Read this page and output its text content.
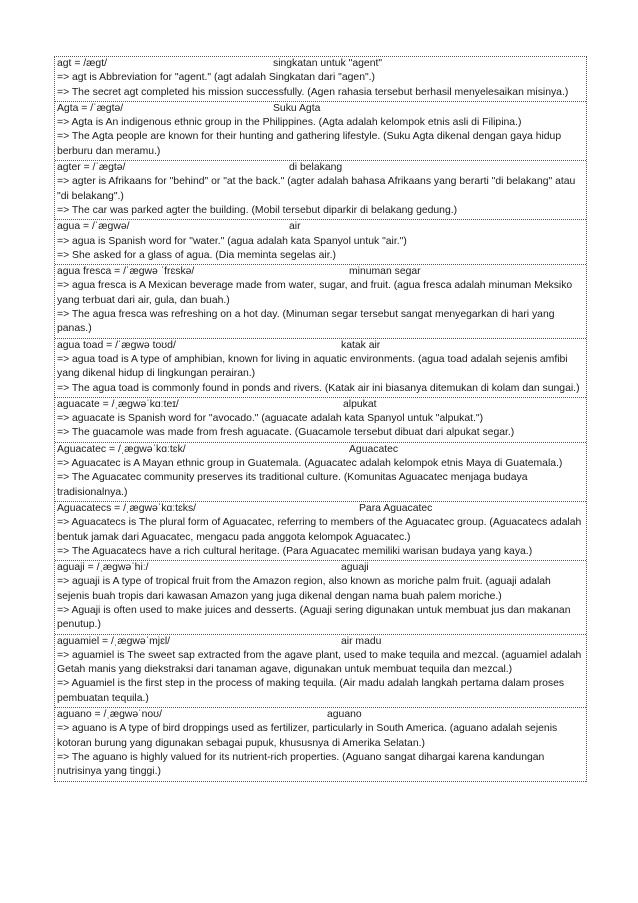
agt = /ægt/	singkatan untuk "agent"
=> agt is Abbreviation for "agent." (agt adalah Singkatan dari "agen".)
=> The secret agt completed his mission successfully. (Agen rahasia tersebut berhasil menyelesaikan misinya.)
Agta = /ˈægtə/	Suku Agta
=> Agta is An indigenous ethnic group in the Philippines. (Agta adalah kelompok etnis asli di Filipina.)
=> The Agta people are known for their hunting and gathering lifestyle. (Suku Agta dikenal dengan gaya hidup berburu dan meramu.)
agter = /ˈægtə/	di belakang
=> agter is Afrikaans for "behind" or "at the back." (agter adalah bahasa Afrikaans yang berarti "di belakang" atau "di belakang".)
=> The car was parked agter the building. (Mobil tersebut diparkir di belakang gedung.)
agua = /ˈægwə/	air
=> agua is Spanish word for "water." (agua adalah kata Spanyol untuk "air.")
=> She asked for a glass of agua. (Dia meminta segelas air.)
agua fresca = /ˈægwə ˈfrɛskə/	minuman segar
=> agua fresca is A Mexican beverage made from water, sugar, and fruit. (agua fresca adalah minuman Meksiko yang terbuat dari air, gula, dan buah.)
=> The agua fresca was refreshing on a hot day. (Minuman segar tersebut sangat menyegarkan di hari yang panas.)
agua toad = /ˈægwə toʊd/	katak air
=> agua toad is A type of amphibian, known for living in aquatic environments. (agua toad adalah sejenis amfibi yang dikenal hidup di lingkungan perairan.)
=> The agua toad is commonly found in ponds and rivers. (Katak air ini biasanya ditemukan di kolam dan sungai.)
aguacate = /ˌægwəˈkɑːteɪ/	alpukat
=> aguacate is Spanish word for "avocado." (aguacate adalah kata Spanyol untuk "alpukat.")
=> The guacamole was made from fresh aguacate. (Guacamole tersebut dibuat dari alpukat segar.)
Aguacatec = /ˌægwəˈkɑːtɛk/	Aguacatec
=> Aguacatec is A Mayan ethnic group in Guatemala. (Aguacatec adalah kelompok etnis Maya di Guatemala.)
=> The Aguacatec community preserves its traditional culture. (Komunitas Aguacatec menjaga budaya tradisionalnya.)
Aguacatecs = /ˌægwəˈkɑːtɛks/	Para Aguacatec
=> Aguacatecs is The plural form of Aguacatec, referring to members of the Aguacatec group. (Aguacatecs adalah bentuk jamak dari Aguacatec, mengacu pada anggota kelompok Aguacatec.)
=> The Aguacatecs have a rich cultural heritage. (Para Aguacatec memiliki warisan budaya yang kaya.)
aguaji = /ˌægwəˈhiː/	aguaji
=> aguaji is A type of tropical fruit from the Amazon region, also known as moriche palm fruit. (aguaji adalah sejenis buah tropis dari kawasan Amazon yang juga dikenal dengan nama buah palem moriche.)
=> Aguaji is often used to make juices and desserts. (Aguaji sering digunakan untuk membuat jus dan makanan penutup.)
aguamiel = /ˌægwəˈmjɛl/	air madu
=> aguamiel is The sweet sap extracted from the agave plant, used to make tequila and mezcal. (aguamiel adalah Getah manis yang diekstraksi dari tanaman agave, digunakan untuk membuat tequila dan mezcal.)
=> Aguamiel is the first step in the process of making tequila. (Air madu adalah langkah pertama dalam proses pembuatan tequila.)
aguano = /ˌægwəˈnoʊ/	aguano
=> aguano is A type of bird droppings used as fertilizer, particularly in South America. (aguano adalah sejenis kotoran burung yang digunakan sebagai pupuk, khususnya di Amerika Selatan.)
=> The aguano is highly valued for its nutrient-rich properties. (Aguano sangat dihargai karena kandungan nutrisinya yang tinggi.)
